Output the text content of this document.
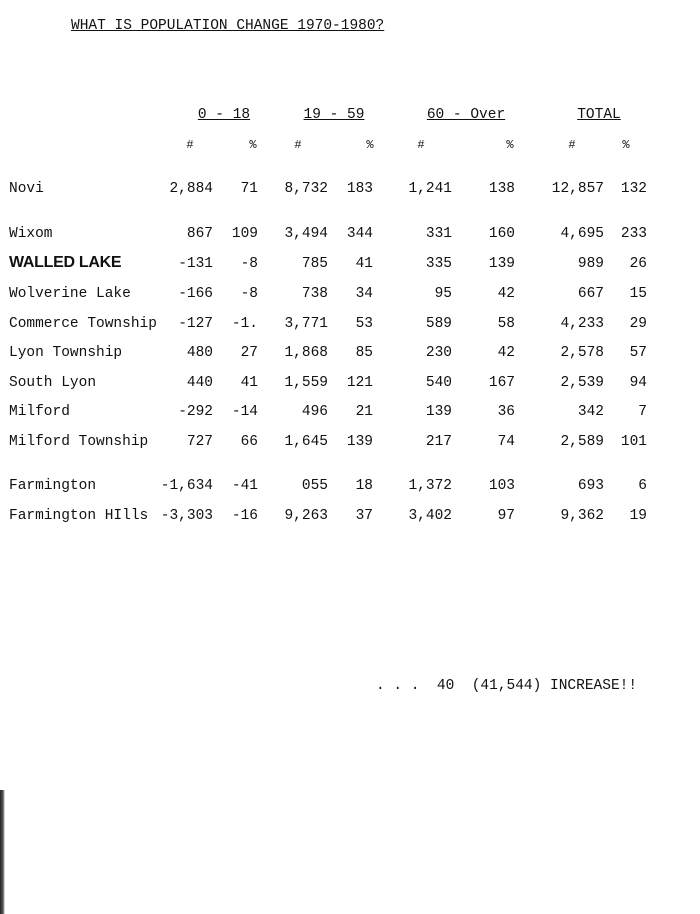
WHAT IS POPULATION CHANGE 1970-1980?
0 - 18	19 - 59	60 - Over	TOTAL
#	%	#	%	#	%	#	%
Novi	2,884	71	8,732	183	1,241	138	12,857	132
Wixom	867	109	3,494	344	331	160	4,695	233
WALLED LAKE	-131	-8	785	41	335	139	989	26
Wolverine Lake	-166	-8	738	34	95	42	667	15
Commerce Township	-127	-1.	3,771	53	589	58	4,233	29
Lyon Township	480	27	1,868	85	230	42	2,578	57
South Lyon	440	41	1,559	121	540	167	2,539	94
Milford	-292	-14	496	21	139	36	342	7
Milford Township	727	66	1,645	139	217	74	2,589	101
Farmington	-1,634	-41	055	18	1,372	103	693	6
Farmington HIlls -3,303	-16	9,263	37	3,402	97	9,362	19
. . .  40  (41,544) INCREASE!!
